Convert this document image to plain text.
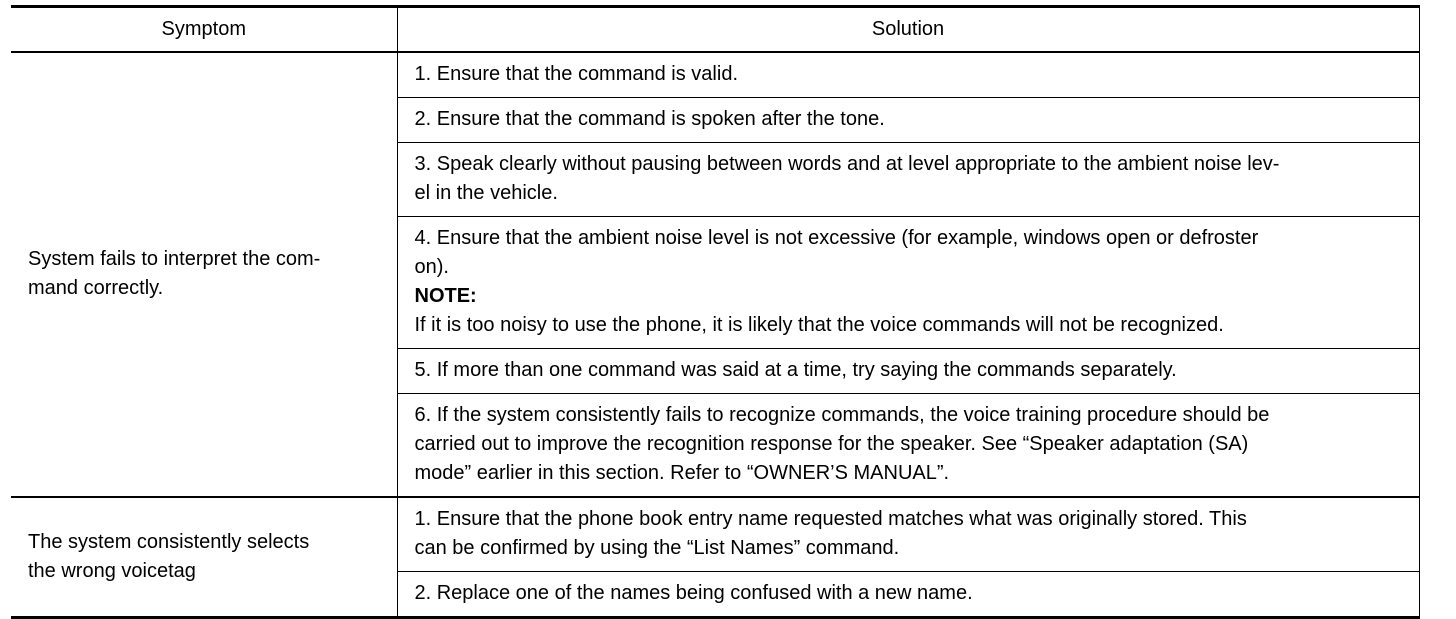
Symptom	Solution

System fails to interpret the com-
mand correctly.	1. Ensure that the command is valid.
	2. Ensure that the command is spoken after the tone.
	3. Speak clearly without pausing between words and at level appropriate to the ambient noise lev-
el in the vehicle.
	4. Ensure that the ambient noise level is not excessive (for example, windows open or defroster
on).
NOTE:
If it is too noisy to use the phone, it is likely that the voice commands will not be recognized.
	5. If more than one command was said at a time, try saying the commands separately.
	6. If the system consistently fails to recognize commands, the voice training procedure should be
carried out to improve the recognition response for the speaker. See “Speaker adaptation (SA)
mode” earlier in this section. Refer to “OWNER’S MANUAL”.

The system consistently selects
the wrong voicetag	1. Ensure that the phone book entry name requested matches what was originally stored. This
can be confirmed by using the “List Names” command.
	2. Replace one of the names being confused with a new name.
